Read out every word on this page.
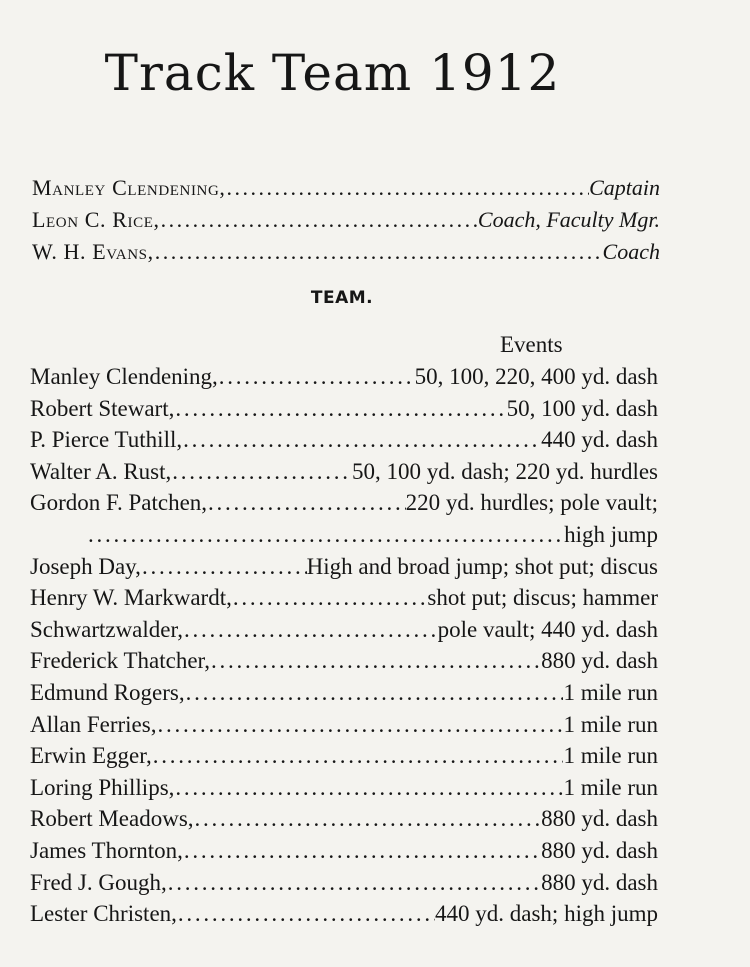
Track Team 1912
Manley Clendening, . . .	Captain
Leon C. Rice, . . .	Coach, Faculty Mgr.
W. H. Evans, . . .	Coach
TEAM.
Events
Manley Clendening, . . .	50, 100, 220, 400 yd. dash
Robert Stewart, . . .	50, 100 yd. dash
P. Pierce Tuthill, . . .	440 yd. dash
Walter A. Rust, . . .	50, 100 yd. dash; 220 yd. hurdles
Gordon F. Patchen, . . .	220 yd. hurdles; pole vault;
. . .
high jump
Joseph Day, . . .	High and broad jump; shot put; discus
Henry W. Markwardt, . . .	shot put; discus; hammer
Schwartzwalder, . . .	pole vault; 440 yd. dash
Frederick Thatcher, . . .	880 yd. dash
Edmund Rogers, . . .	1 mile run
Allan Ferries, . . .	1 mile run
Erwin Egger, . . .	1 mile run
Loring Phillips, . . .	1 mile run
Robert Meadows, . . .	880 yd. dash
James Thornton, . . .	880 yd. dash
Fred J. Gough, . . .	880 yd. dash
Lester Christen, . . .	440 yd. dash; high jump
